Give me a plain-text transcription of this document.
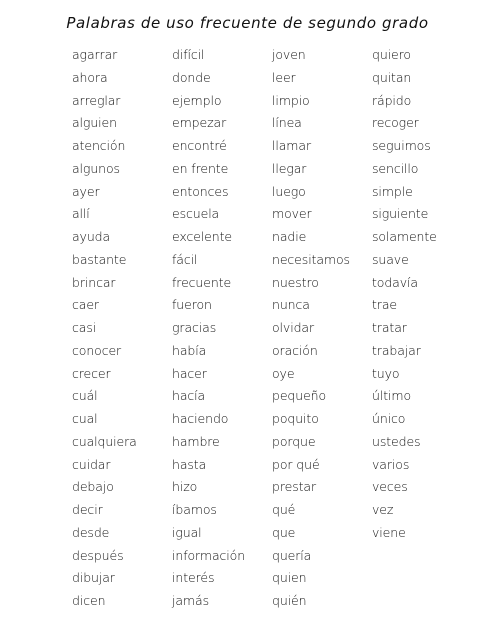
Palabras de uso frecuente de segundo grado
agarrar
ahora
arreglar
alguien
atención
algunos
ayer
allí
ayuda
bastante
brincar
caer
casi
conocer
crecer
cuál
cual
cualquiera
cuidar
debajo
decir
desde
después
dibujar
dicen
difícil
donde
ejemplo
empezar
encontré
en frente
entonces
escuela
excelente
fácil
frecuente
fueron
gracias
había
hacer
hacía
haciendo
hambre
hasta
hizo
íbamos
igual
información
interés
jamás
joven
leer
limpio
línea
llamar
llegar
luego
mover
nadie
necesitamos
nuestro
nunca
olvidar
oración
oye
pequeño
poquito
porque
por qué
prestar
qué
que
quería
quien
quién
quiero
quitan
rápido
recoger
seguimos
sencillo
simple
siguiente
solamente
suave
todavía
trae
tratar
trabajar
tuyo
último
único
ustedes
varios
veces
vez
viene
